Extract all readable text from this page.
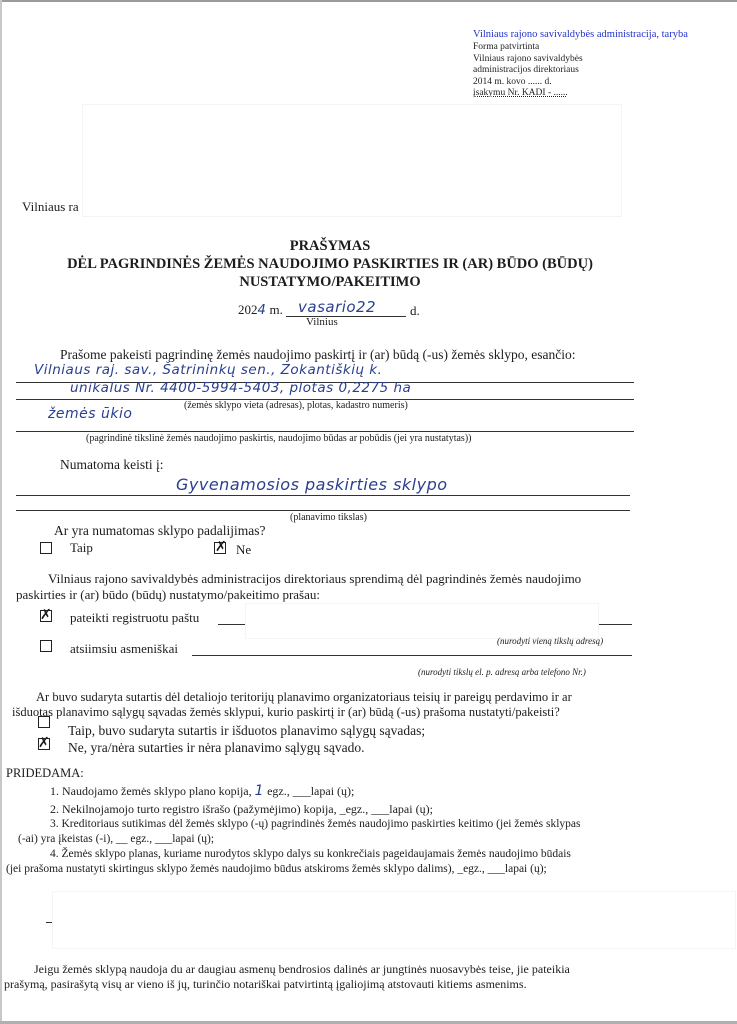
Vilniaus rajono savivaldybės administracija, taryba
Forma patvirtinta
Vilniaus rajono savivaldybės
administracijos direktoriaus
2014 m. kovo ...... d.
įsakymu Nr. KADI - ......
Vilniaus ra
PRAŠYMAS
DĖL PAGRINDINĖS ŽEMĖS NAUDOJIMO PASKIRTIES IR (AR) BŪDO (BŪDŲ)
NUSTATYMO/PAKEITIMO
2024 m. vasario 22	d.
Vilnius
Prašome pakeisti pagrindinę žemės naudojimo paskirtį ir (ar) būdą (-us) žemės sklypo, esančio:
Vilniaus raj. sav., Šatrininkų sen., Zokantiškių k.
unikalus Nr. 4400-5994-5403, plotas 0,2275 ha
(žemės sklypo vieta (adresas), plotas, kadastro numeris)
žemės ūkio
(pagrindinė tikslinė žemės naudojimo paskirtis, naudojimo būdas ar pobūdis (jei yra nustatytas))
Numatoma keisti į:
Gyvenamosios paskirties sklypo
(planavimo tikslas)
Ar yra numatomas sklypo padalijimas?
Taip	✗ Ne
Vilniaus rajono savivaldybės administracijos direktoriaus sprendimą dėl pagrindinės žemės naudojimo
paskirties ir (ar) būdo (būdų) nustatymo/pakeitimo prašau:
✗ pateikti registruotu paštu
(nurodyti vieną tikslų adresą)
atsiimsiu asmeniškai
(nurodyti tikslų el. p. adresą arba telefono Nr.)
Ar buvo sudaryta sutartis dėl detaliojo teritorijų planavimo organizatoriaus teisių ir pareigų perdavimo ir ar
išduotas planavimo sąlygų sąvadas žemės sklypui, kurio paskirtį ir (ar) būdą (-us) prašoma nustatyti/pakeisti?
Taip, buvo sudaryta sutartis ir išduotos planavimo sąlygų sąvadas;
✗ Ne, yra/nėra sutarties ir nėra planavimo sąlygų sąvado.
PRIDEDAMA:
1. Naudojamo žemės sklypo plano kopija, 1 egz., ___lapai (ų);
2. Nekilnojamojo turto registro išrašo (pažymėjimo) kopija, _egz., ___lapai (ų);
3. Kreditoriaus sutikimas dėl žemės sklypo (-ų) pagrindinės žemės naudojimo paskirties keitimo (jei žemės sklypas
(-ai) yra įkeistas (-i), __ egz., ___lapai (ų);
4. Žemės sklypo planas, kuriame nurodytos sklypo dalys su konkrečiais pageidaujamais žemės naudojimo būdais
(jei prašoma nustatyti skirtingus sklypo žemės naudojimo būdus atskiroms žemės sklypo dalims), _egz., ___lapai (ų);
Jeigu žemės sklypą naudoja du ar daugiau asmenų bendrosios dalinės ar jungtinės nuosavybės teise, jie pateikia
prašymą, pasirašytą visų ar vieno iš jų, turinčio notariškai patvirtintą įgaliojimą atstovauti kitiems asmenims.
